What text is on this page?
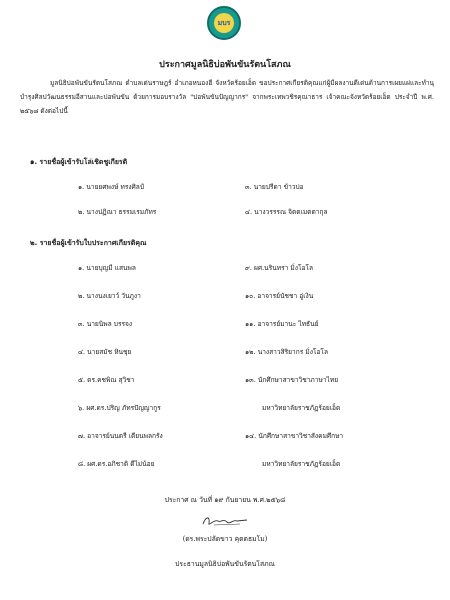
มบร
ประกาศมูลนิธิบ่อพันขันรัตนโสภณ
มูลนิธิบ่อพันขันรัตนโสภณ ตำบลเด่นราษฎร์ อำเภอหนองฮี จังหวัดร้อยเอ็ด ขอประกาศเกียรติคุณแก่ผู้มีผลงานดีเด่นด้านการเผยแผ่และทำนุบำรุงศิลปวัฒนธรรมอีสานและบ่อพันขัน ด้วยการมอบรางวัล "บ่อพันขันปัญญากร" จากพระเทพวชิรคุณาธาร เจ้าคณะจังหวัดร้อยเอ็ด ประจำปี พ.ศ. ๒๕๖๘ ดังต่อไปนี้
๑. รายชื่อผู้เข้ารับโล่เชิดชูเกียรติ
๑. นายยศพงษ์ ทรงศิลป์	๓. นายปรีดา ข้าวบ่อ
๒. นางปฏิณา ธรรมเรมภัทร	๔. นางวรรรณ จิตตเมตตากุล
๒. รายชื่อผู้เข้ารับใบประกาศเกียรติคุณ
๑. นายบุญมี แสนพล	๙. ผศ.นรินทรา มิ่งโอโล
๒. นางนงเยาว์ วันภูงา	๑๐. อาจารย์นัชชา อู่เงิน
๓. นายนิพล บรรจง	๑๑. อาจารย์มานะ ไทธันย์
๔. นายสมัช หินชุย	๑๒. นางสาวสิริยากร มิ่งโอโล
๕. ดร.คชพิณ สุวิชา	๑๓. นักศึกษาสาขาวิชาภาษาไทย
๖. ผศ.ดร.ปริญ ภัทรปัญญากูร	มหาวิทยาลัยราชภัฏร้อยเอ็ด
๗. อาจารย์นนตรี เตียนพลกรัง	๑๔. นักศึกษาสาขาวิชาสังคมศึกษา
๘. ผศ.ดร.อภิชาติ ดีไม่น้อย	มหาวิทยาลัยราชภัฏร้อยเอ็ด
ประกาศ ณ วันที่ ๑๙ กันยายน พ.ศ.๒๕๖๘
(ดร.พระปลัดขาว คุตตธมโม)
ประธานมูลนิธิบ่อพันขันรัตนโสภณ
